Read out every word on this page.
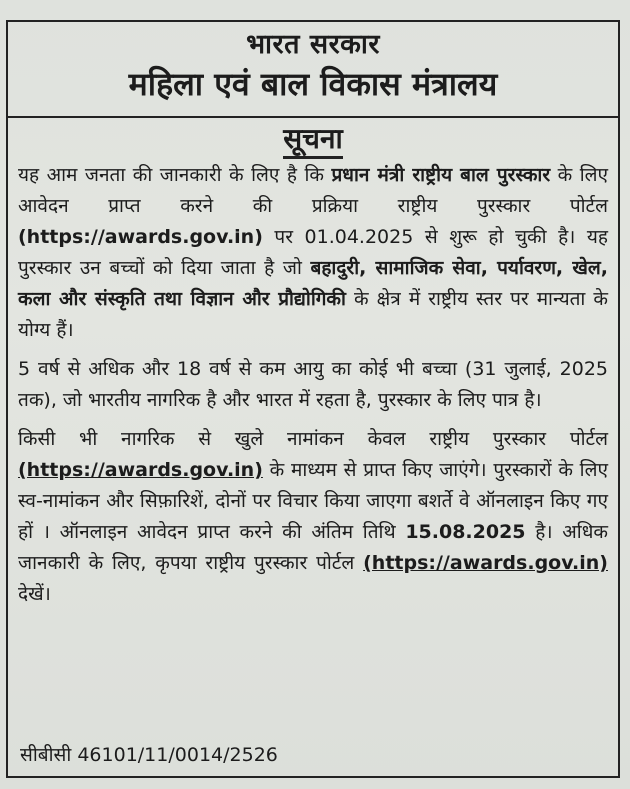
भारत सरकार
महिला एवं बाल विकास मंत्रालय
सूचना

यह आम जनता की जानकारी के लिए है कि प्रधान मंत्री राष्ट्रीय बाल पुरस्कार के लिए आवेदन प्राप्त करने की प्रक्रिया राष्ट्रीय पुरस्कार पोर्टल (https://awards.gov.in) पर 01.04.2025 से शुरू हो चुकी है। यह पुरस्कार उन बच्चों को दिया जाता है जो बहादुरी, सामाजिक सेवा, पर्यावरण, खेल, कला और संस्कृति तथा विज्ञान और प्रौद्योगिकी के क्षेत्र में राष्ट्रीय स्तर पर मान्यता के योग्य हैं।

5 वर्ष से अधिक और 18 वर्ष से कम आयु का कोई भी बच्चा (31 जुलाई, 2025 तक), जो भारतीय नागरिक है और भारत में रहता है, पुरस्कार के लिए पात्र है।

किसी भी नागरिक से खुले नामांकन केवल राष्ट्रीय पुरस्कार पोर्टल (https://awards.gov.in) के माध्यम से प्राप्त किए जाएंगे। पुरस्कारों के लिए स्व-नामांकन और सिफ़ारिशें, दोनों पर विचार किया जाएगा बशर्ते वे ऑनलाइन किए गए हों । ऑनलाइन आवेदन प्राप्त करने की अंतिम तिथि 15.08.2025 है। अधिक जानकारी के लिए, कृपया राष्ट्रीय पुरस्कार पोर्टल (https://awards.gov.in) देखें।

सीबीसी 46101/11/0014/2526
